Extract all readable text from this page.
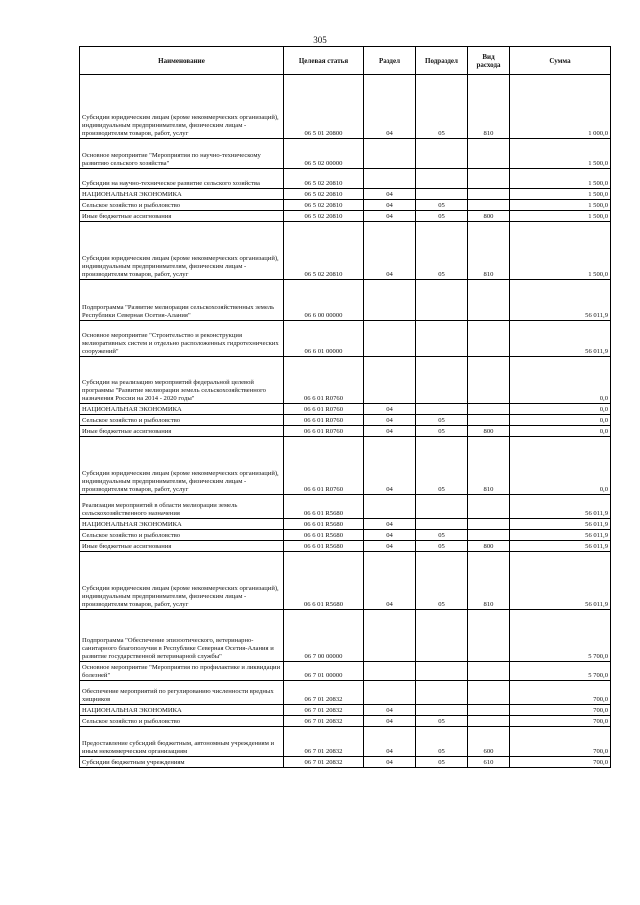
305
Наименование	Целевая статья	Раздел	Подраздел	Вид расхода	Сумма
Субсидии юридическим лицам (кроме некоммерческих организаций), индивидуальным предпринимателям, физическим лицам - производителям товаров, работ, услуг	06 5 01 20800	04	05	810	1 000,0
Основное мероприятие "Мероприятия по научно-техническому развитию сельского хозяйства"	06 5 02 00000				1 500,0
Субсидии на научно-техническое развитие сельского хозяйства	06 5 02 20810				1 500,0
НАЦИОНАЛЬНАЯ ЭКОНОМИКА	06 5 02 20810	04			1 500,0
Сельское хозяйство и рыболовство	06 5 02 20810	04	05		1 500,0
Иные бюджетные ассигнования	06 5 02 20810	04	05	800	1 500,0
Субсидии юридическим лицам (кроме некоммерческих организаций), индивидуальным предпринимателям, физическим лицам - производителям товаров, работ, услуг	06 5 02 20810	04	05	810	1 500,0
Подпрограмма "Развитие мелиорации сельскохозяйственных земель Республики Северная Осетия-Алания"	06 6 00 00000				56 011,9
Основное мероприятие "Строительство и реконструкция мелиоративных систем и отдельно расположенных гидротехнических сооружений"	06 6 01 00000				56 011,9
Субсидии на реализацию мероприятий федеральной целевой программы "Развитие мелиорации земель сельскохозяйственного назначения России на 2014 - 2020 годы"	06 6 01 R0760				0,0
НАЦИОНАЛЬНАЯ ЭКОНОМИКА	06 6 01 R0760	04			0,0
Сельское хозяйство и рыболовство	06 6 01 R0760	04	05		0,0
Иные бюджетные ассигнования	06 6 01 R0760	04	05	800	0,0
Субсидии юридическим лицам (кроме некоммерческих организаций), индивидуальным предпринимателям, физическим лицам - производителям товаров, работ, услуг	06 6 01 R0760	04	05	810	0,0
Реализация мероприятий в области мелиорации земель сельскохозяйственного назначения	06 6 01 R5680				56 011,9
НАЦИОНАЛЬНАЯ ЭКОНОМИКА	06 6 01 R5680	04			56 011,9
Сельское хозяйство и рыболовство	06 6 01 R5680	04	05		56 011,9
Иные бюджетные ассигнования	06 6 01 R5680	04	05	800	56 011,9
Субсидии юридическим лицам (кроме некоммерческих организаций), индивидуальным предпринимателям, физическим лицам - производителям товаров, работ, услуг	06 6 01 R5680	04	05	810	56 011,9
Подпрограмма "Обеспечение эпизоотического, ветеринарно-санитарного благополучия в Республике Северная Осетия-Алания и развитие государственной ветеринарной службы"	06 7 00 00000				5 700,0
Основное мероприятие "Мероприятия по профилактике и ликвидации болезней"	06 7 01 00000				5 700,0
Обеспечение мероприятий по регулированию численности вредных хищников	06 7 01 20832				700,0
НАЦИОНАЛЬНАЯ ЭКОНОМИКА	06 7 01 20832	04			700,0
Сельское хозяйство и рыболовство	06 7 01 20832	04	05		700,0
Предоставление субсидий бюджетным, автономным учреждениям и иным некоммерческим организациям	06 7 01 20832	04	05	600	700,0
Субсидии бюджетным учреждениям	06 7 01 20832	04	05	610	700,0
